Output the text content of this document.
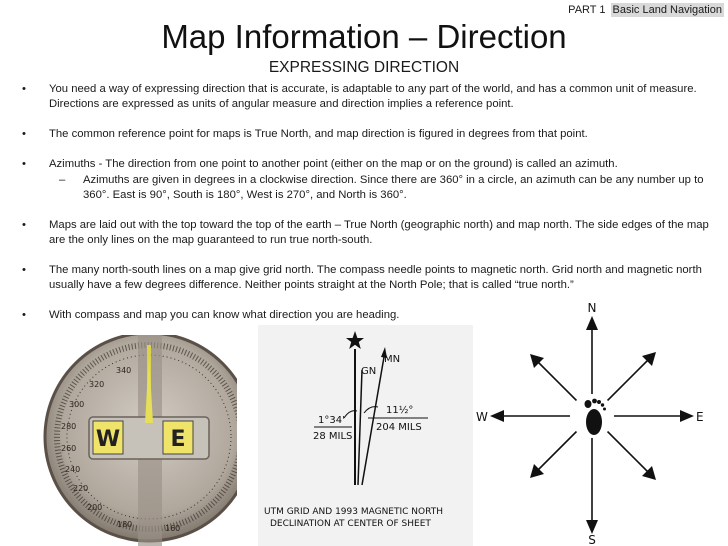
PART 1 Basic Land Navigation
Map Information – Direction
EXPRESSING DIRECTION
• You need a way of expressing direction that is accurate, is adaptable to any part of the world, and has a common unit of measure. Directions are expressed as units of angular measure and direction implies a reference point.
• The common reference point for maps is True North, and map direction is figured in degrees from that point.
• Azimuths - The direction from one point to another point (either on the map or on the ground) is called an azimuth.
– Azimuths are given in degrees in a clockwise direction. Since there are 360° in a circle, an azimuth can be any number up to 360°. East is 90°, South is 180°, West is 270°, and North is 360°.
• Maps are laid out with the top toward the top of the earth – True North (geographic north) and map north. The side edges of the map are the only lines on the map guaranteed to run true north-south.
• The many north-south lines on a map give grid north. The compass needle points to magnetic north. Grid north and magnetic north usually have a few degrees difference. Neither points straight at the North Pole; that is called “true north.”
• With compass and map you can know what direction you are heading.
W E
340
320
300
280
260
240
220
200
180	160
MN
GN
1°34'
28 MILS
11½°
204 MILS
UTM GRID AND 1993 MAGNETIC NORTH
DECLINATION AT CENTER OF SHEET
N
S
W	E
